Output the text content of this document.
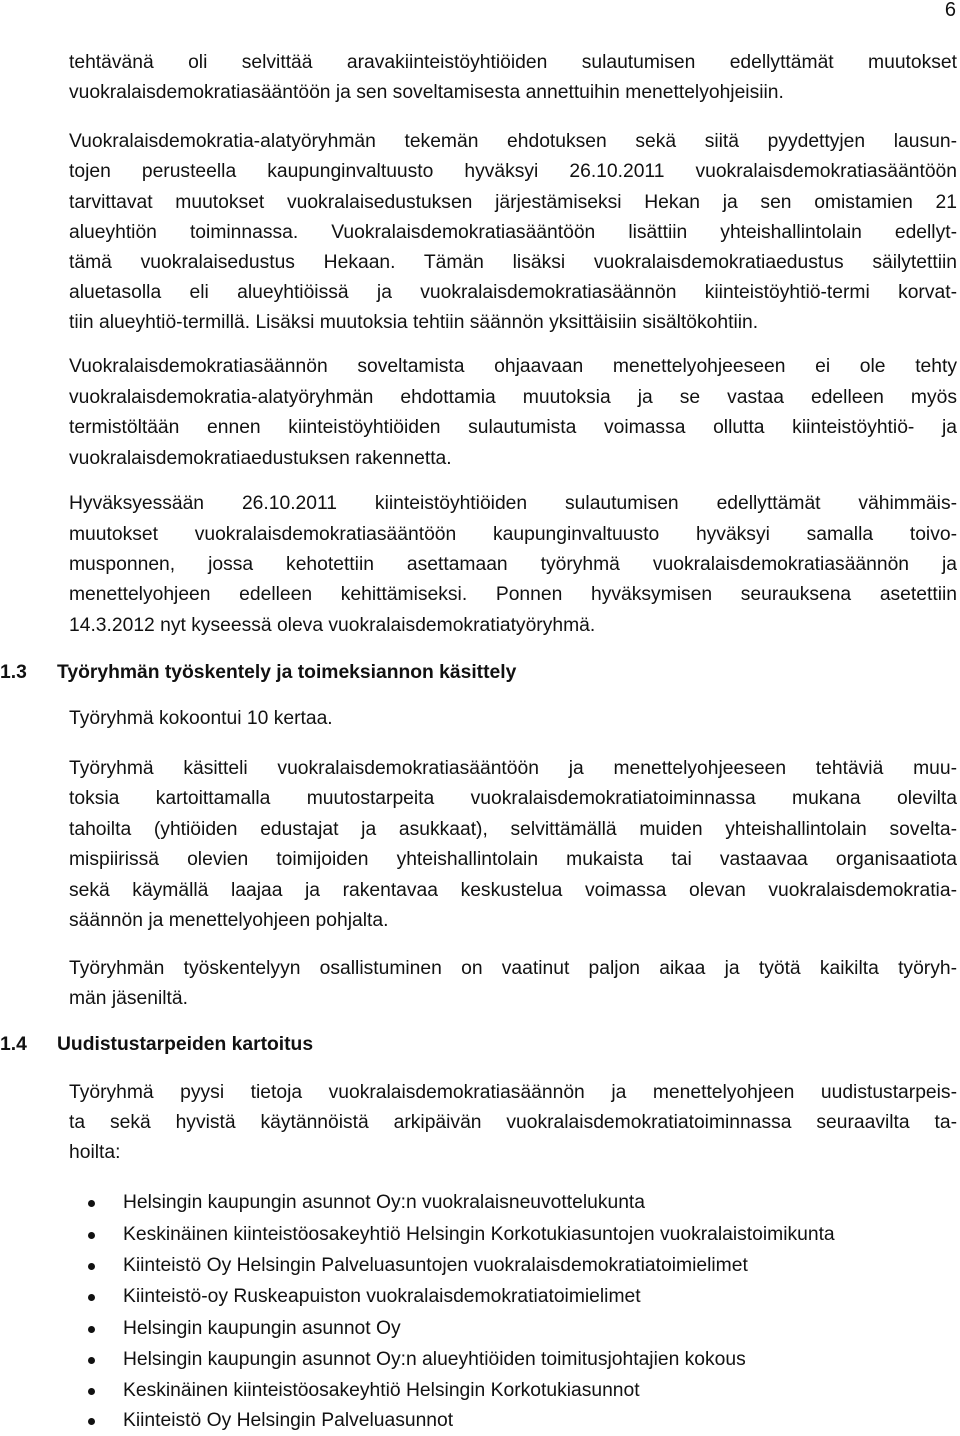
6
tehtävänä oli selvittää aravakiinteistöyhtiöiden sulautumisen edellyttämät muutokset
vuokralaisdemokratiasääntöön ja sen soveltamisesta annettuihin menettelyohjeisiin.
Vuokralaisdemokratia-alatyöryhmän tekemän ehdotuksen sekä siitä pyydettyjen lausun-
tojen perusteella kaupunginvaltuusto hyväksyi 26.10.2011 vuokralaisdemokratiasääntöön
tarvittavat muutokset vuokralaisedustuksen järjestämiseksi Hekan ja sen omistamien 21
alueyhtiön toiminnassa. Vuokralaisdemokratiasääntöön lisättiin yhteishallintolain edellyt-
tämä vuokralaisedustus Hekaan. Tämän lisäksi vuokralaisdemokratiaedustus säilytettiin
aluetasolla eli alueyhtiöissä ja vuokralaisdemokratiasäännön kiinteistöyhtiö-termi korvat-
tiin alueyhtiö-termillä. Lisäksi muutoksia tehtiin säännön yksittäisiin sisältökohtiin.
Vuokralaisdemokratiasäännön soveltamista ohjaavaan menettelyohjeeseen ei ole tehty
vuokralaisdemokratia-alatyöryhmän ehdottamia muutoksia ja se vastaa edelleen myös
termistöltään ennen kiinteistöyhtiöiden sulautumista voimassa ollutta kiinteistöyhtiö- ja
vuokralaisdemokratiaedustuksen rakennetta.
Hyväksyessään 26.10.2011 kiinteistöyhtiöiden sulautumisen edellyttämät vähimmäis-
muutokset vuokralaisdemokratiasääntöön kaupunginvaltuusto hyväksyi samalla toivo-
musponnen, jossa kehotettiin asettamaan työryhmä vuokralaisdemokratiasäännön ja
menettelyohjeen edelleen kehittämiseksi. Ponnen hyväksymisen seurauksena asetettiin
14.3.2012 nyt kyseessä oleva vuokralaisdemokratiatyöryhmä.
1.3 Työryhmän työskentely ja toimeksiannon käsittely
Työryhmä kokoontui 10 kertaa.
Työryhmä käsitteli vuokralaisdemokratiasääntöön ja menettelyohjeeseen tehtäviä muu-
toksia kartoittamalla muutostarpeita vuokralaisdemokratiatoiminnassa mukana olevilta
tahoilta (yhtiöiden edustajat ja asukkaat), selvittämällä muiden yhteishallintolain sovelta-
mispiirissä olevien toimijoiden yhteishallintolain mukaista tai vastaavaa organisaatiota
sekä käymällä laajaa ja rakentavaa keskustelua voimassa olevan vuokralaisdemokratia-
säännön ja menettelyohjeen pohjalta.
Työryhmän työskentelyyn osallistuminen on vaatinut paljon aikaa ja työtä kaikilta työryh-
män jäseniltä.
1.4 Uudistustarpeiden kartoitus
Työryhmä pyysi tietoja vuokralaisdemokratiasäännön ja menettelyohjeen uudistustarpeis-
ta sekä hyvistä käytännöistä arkipäivän vuokralaisdemokratiatoiminnassa seuraavilta ta-
hoilta:
Helsingin kaupungin asunnot Oy:n vuokralaisneuvottelukunta
Keskinäinen kiinteistöosakeyhtiö Helsingin Korkotukiasuntojen vuokralaistoimikunta
Kiinteistö Oy Helsingin Palveluasuntojen vuokralaisdemokratiatoimielimet
Kiinteistö-oy Ruskeapuiston vuokralaisdemokratiatoimielimet
Helsingin kaupungin asunnot Oy
Helsingin kaupungin asunnot Oy:n alueyhtiöiden toimitusjohtajien kokous
Keskinäinen kiinteistöosakeyhtiö Helsingin Korkotukiasunnot
Kiinteistö Oy Helsingin Palveluasunnot
